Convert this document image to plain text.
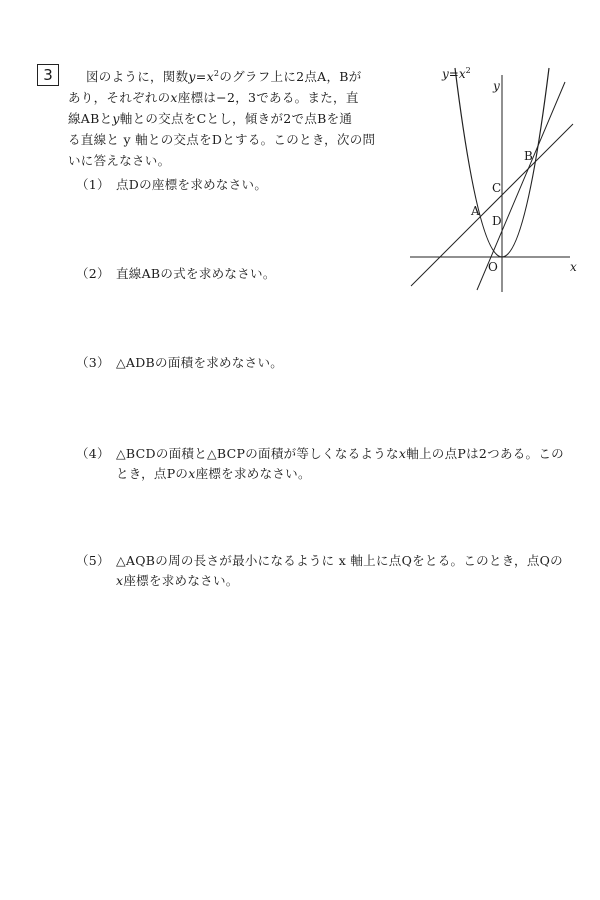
3	図のように，関数$y=x^2$のグラフ上に2点A，Bが
あり，それぞれのx座標は−2，3である。また，直
線ABとy軸との交点をCとし，傾きが2で点Bを通
る直線と y 軸との交点をDとする。このとき，次の問
いに答えなさい。
$y=x^2$
y
x
O
A
B
C
D
（1） 点Dの座標を求めなさい。
（2） 直線ABの式を求めなさい。
（3） △ADBの面積を求めなさい。
（4） △BCDの面積と△BCPの面積が等しくなるようなx軸上の点Pは2つある。この
とき，点Pのx座標を求めなさい。
（5） △AQBの周の長さが最小になるように x 軸上に点Qをとる。このとき，点Qの
x座標を求めなさい。
